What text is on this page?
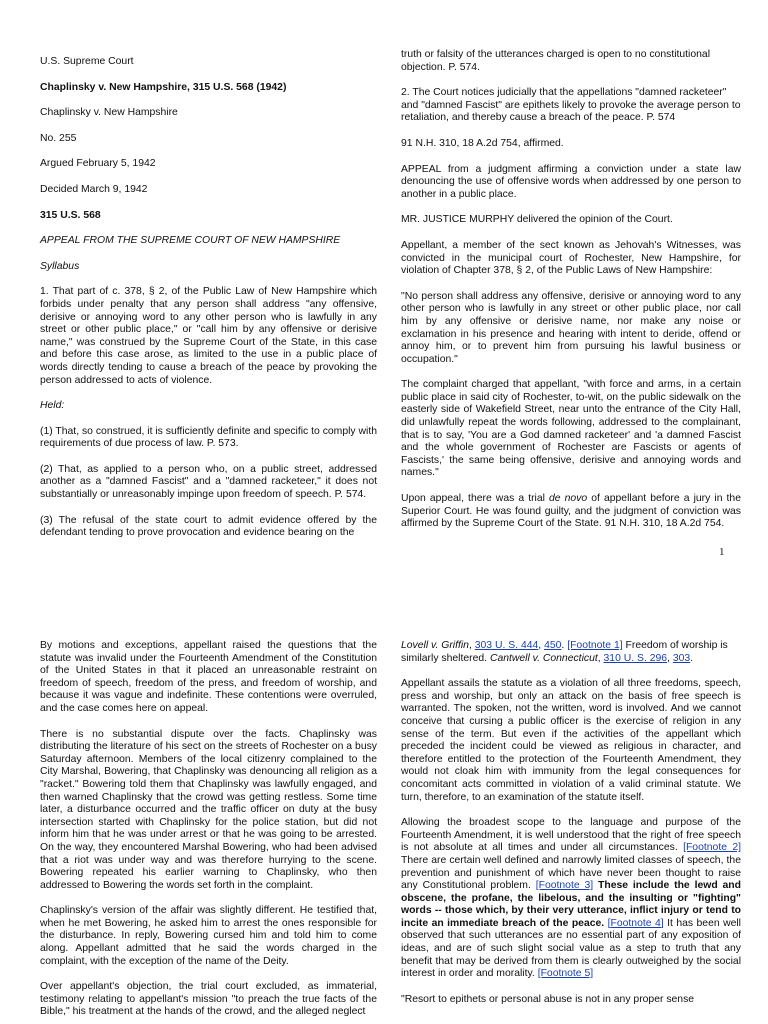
U.S. Supreme Court

Chaplinsky v. New Hampshire, 315 U.S. 568 (1942)

Chaplinsky v. New Hampshire

No. 255

Argued February 5, 1942

Decided March 9, 1942

315 U.S. 568

APPEAL FROM THE SUPREME COURT OF NEW HAMPSHIRE

Syllabus

1. That part of c. 378, § 2, of the Public Law of New Hampshire which forbids under penalty that any person shall address "any offensive, derisive or annoying word to any other person who is lawfully in any street or other public place," or "call him by any offensive or derisive name," was construed by the Supreme Court of the State, in this case and before this case arose, as limited to the use in a public place of words directly tending to cause a breach of the peace by provoking the person addressed to acts of violence.

Held:

(1) That, so construed, it is sufficiently definite and specific to comply with requirements of due process of law. P. 573.

(2) That, as applied to a person who, on a public street, addressed another as a "damned Fascist" and a "damned racketeer," it does not substantially or unreasonably impinge upon freedom of speech. P. 574.

(3) The refusal of the state court to admit evidence offered by the defendant tending to prove provocation and evidence bearing on the

truth or falsity of the utterances charged is open to no constitutional objection. P. 574.

2. The Court notices judicially that the appellations "damned racketeer" and "damned Fascist" are epithets likely to provoke the average person to retaliation, and thereby cause a breach of the peace. P. 574

91 N.H. 310, 18 A.2d 754, affirmed.

APPEAL from a judgment affirming a conviction under a state law denouncing the use of offensive words when addressed by one person to another in a public place.

MR. JUSTICE MURPHY delivered the opinion of the Court.

Appellant, a member of the sect known as Jehovah's Witnesses, was convicted in the municipal court of Rochester, New Hampshire, for violation of Chapter 378, § 2, of the Public Laws of New Hampshire:

"No person shall address any offensive, derisive or annoying word to any other person who is lawfully in any street or other public place, nor call him by any offensive or derisive name, nor make any noise or exclamation in his presence and hearing with intent to deride, offend or annoy him, or to prevent him from pursuing his lawful business or occupation."

The complaint charged that appellant, "with force and arms, in a certain public place in said city of Rochester, to-wit, on the public sidewalk on the easterly side of Wakefield Street, near unto the entrance of the City Hall, did unlawfully repeat the words following, addressed to the complainant, that is to say, 'You are a God damned racketeer' and 'a damned Fascist and the whole government of Rochester are Fascists or agents of Fascists,' the same being offensive, derisive and annoying words and names."

Upon appeal, there was a trial de novo of appellant before a jury in the Superior Court. He was found guilty, and the judgment of conviction was affirmed by the Supreme Court of the State. 91 N.H. 310, 18 A.2d 754.

1

By motions and exceptions, appellant raised the questions that the statute was invalid under the Fourteenth Amendment of the Constitution of the United States in that it placed an unreasonable restraint on freedom of speech, freedom of the press, and freedom of worship, and because it was vague and indefinite. These contentions were overruled, and the case comes here on appeal.

There is no substantial dispute over the facts. Chaplinsky was distributing the literature of his sect on the streets of Rochester on a busy Saturday afternoon. Members of the local citizenry complained to the City Marshal, Bowering, that Chaplinsky was denouncing all religion as a "racket." Bowering told them that Chaplinsky was lawfully engaged, and then warned Chaplinsky that the crowd was getting restless. Some time later, a disturbance occurred and the traffic officer on duty at the busy intersection started with Chaplinsky for the police station, but did not inform him that he was under arrest or that he was going to be arrested. On the way, they encountered Marshal Bowering, who had been advised that a riot was under way and was therefore hurrying to the scene. Bowering repeated his earlier warning to Chaplinsky, who then addressed to Bowering the words set forth in the complaint.

Chaplinsky's version of the affair was slightly different. He testified that, when he met Bowering, he asked him to arrest the ones responsible for the disturbance. In reply, Bowering cursed him and told him to come along. Appellant admitted that he said the words charged in the complaint, with the exception of the name of the Deity.

Over appellant's objection, the trial court excluded, as immaterial, testimony relating to appellant's mission "to preach the true facts of the Bible," his treatment at the hands of the crowd, and the alleged neglect

Lovell v. Griffin, 303 U. S. 444, 450. [Footnote 1] Freedom of worship is similarly sheltered. Cantwell v. Connecticut, 310 U. S. 296, 303.

Appellant assails the statute as a violation of all three freedoms, speech, press and worship, but only an attack on the basis of free speech is warranted. The spoken, not the written, word is involved. And we cannot conceive that cursing a public officer is the exercise of religion in any sense of the term. But even if the activities of the appellant which preceded the incident could be viewed as religious in character, and therefore entitled to the protection of the Fourteenth Amendment, they would not cloak him with immunity from the legal consequences for concomitant acts committed in violation of a valid criminal statute. We turn, therefore, to an examination of the statute itself.

Allowing the broadest scope to the language and purpose of the Fourteenth Amendment, it is well understood that the right of free speech is not absolute at all times and under all circumstances. [Footnote 2] There are certain well defined and narrowly limited classes of speech, the prevention and punishment of which have never been thought to raise any Constitutional problem. [Footnote 3] These include the lewd and obscene, the profane, the libelous, and the insulting or "fighting" words -- those which, by their very utterance, inflict injury or tend to incite an immediate breach of the peace. [Footnote 4] It has been well observed that such utterances are no essential part of any exposition of ideas, and are of such slight social value as a step to truth that any benefit that may be derived from them is clearly outweighed by the social interest in order and morality. [Footnote 5]

"Resort to epithets or personal abuse is not in any proper sense
